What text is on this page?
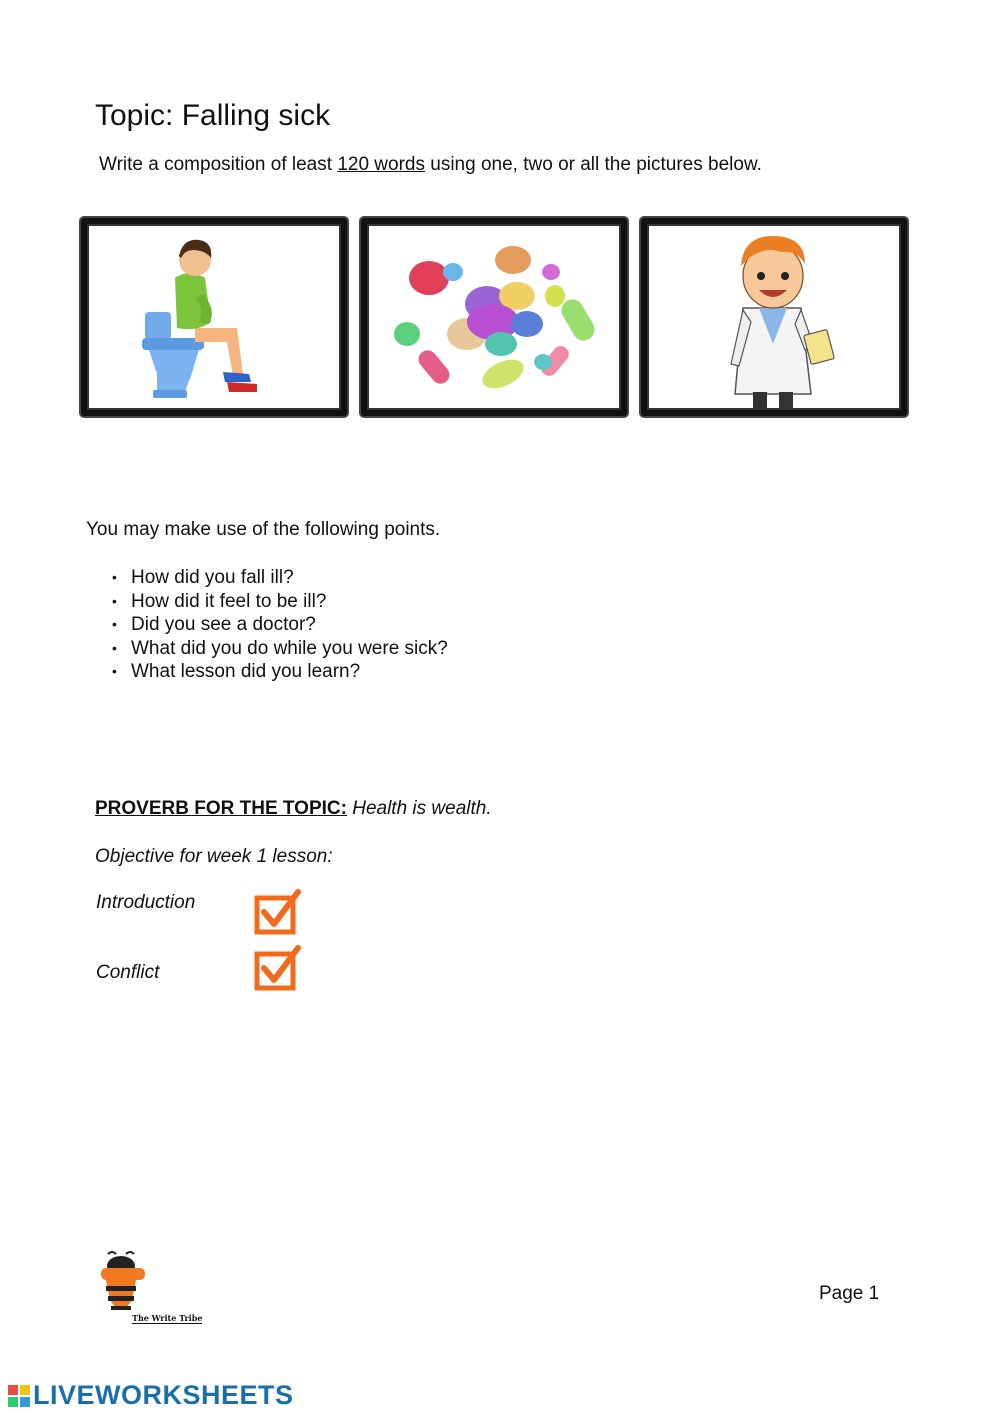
Topic: Falling sick
Write a composition of least 120 words using one, two or all the pictures below.
You may make use of the following points.
• How did you fall ill?
• How did it feel to be ill?
• Did you see a doctor?
• What did you do while you were sick?
• What lesson did you learn?
PROVERB FOR THE TOPIC: Health is wealth.
Objective for week 1 lesson:
Introduction
Conflict
The Write Tribe
Page 1
LIVEWORKSHEETS
